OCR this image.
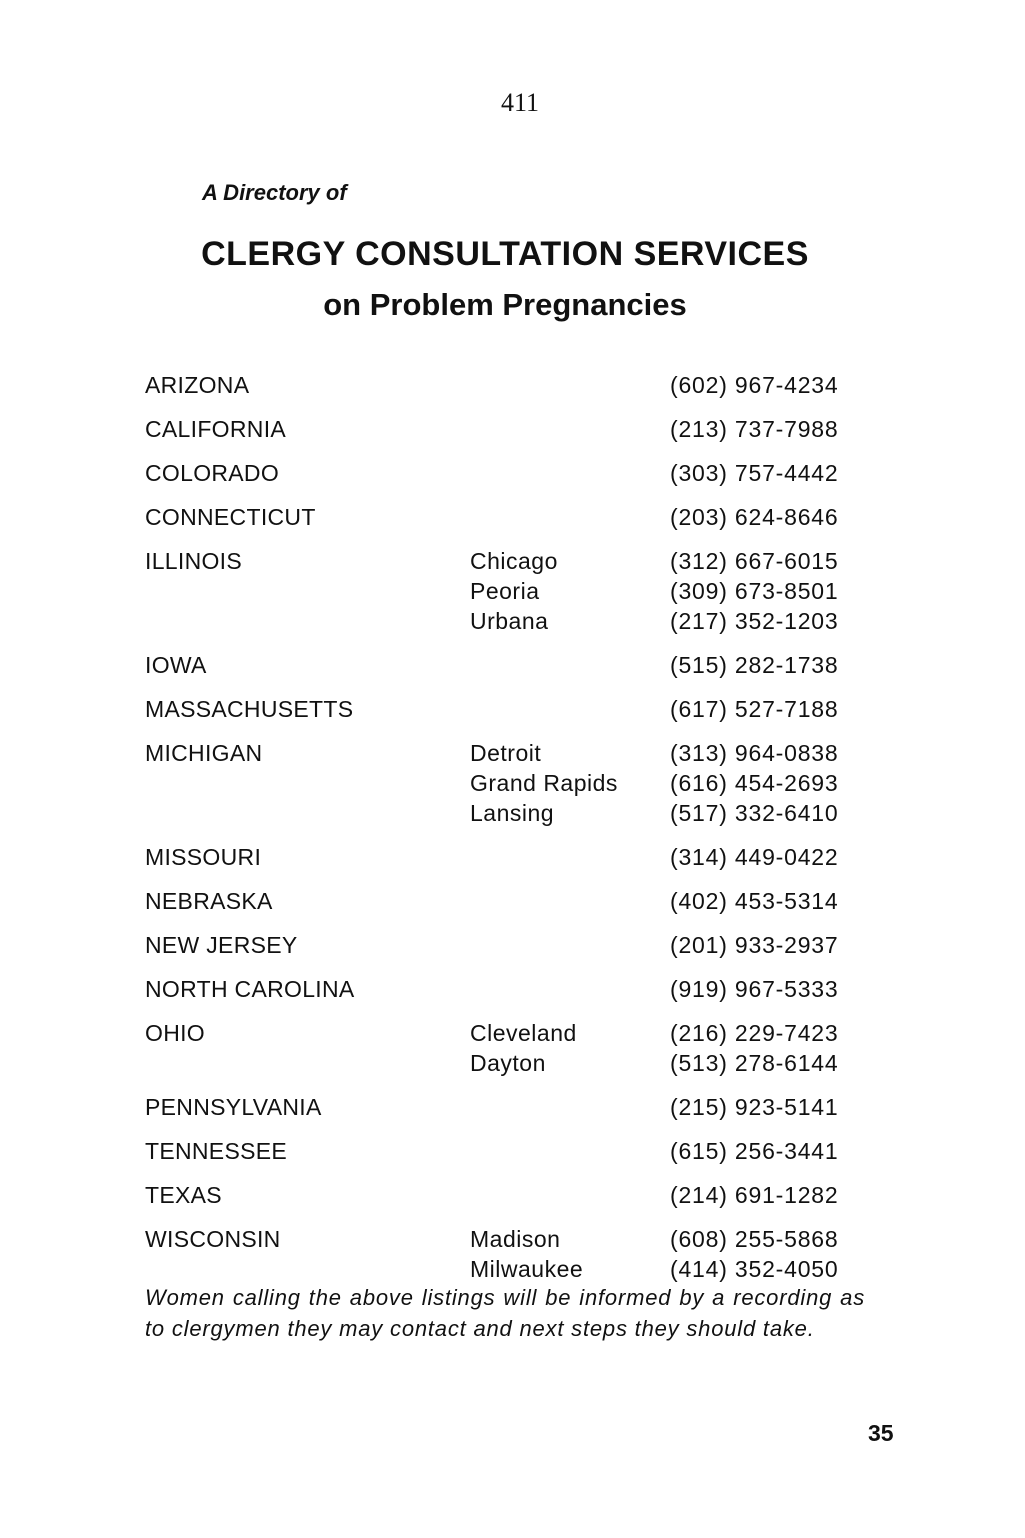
411
A Directory of
CLERGY CONSULTATION SERVICES
on Problem Pregnancies
ARIZONA	(602) 967-4234
CALIFORNIA	(213) 737-7988
COLORADO	(303) 757-4442
CONNECTICUT	(203) 624-8646
ILLINOIS	Chicago	(312) 667-6015
Peoria	(309) 673-8501
Urbana	(217) 352-1203
IOWA	(515) 282-1738
MASSACHUSETTS	(617) 527-7188
MICHIGAN	Detroit	(313) 964-0838
Grand Rapids	(616) 454-2693
Lansing	(517) 332-6410
MISSOURI	(314) 449-0422
NEBRASKA	(402) 453-5314
NEW JERSEY	(201) 933-2937
NORTH CAROLINA	(919) 967-5333
OHIO	Cleveland	(216) 229-7423
Dayton	(513) 278-6144
PENNSYLVANIA	(215) 923-5141
TENNESSEE	(615) 256-3441
TEXAS	(214) 691-1282
WISCONSIN	Madison	(608) 255-5868
Milwaukee	(414) 352-4050
Women calling the above listings will be informed by a recording as to clergymen they may contact and next steps they should take.
35
